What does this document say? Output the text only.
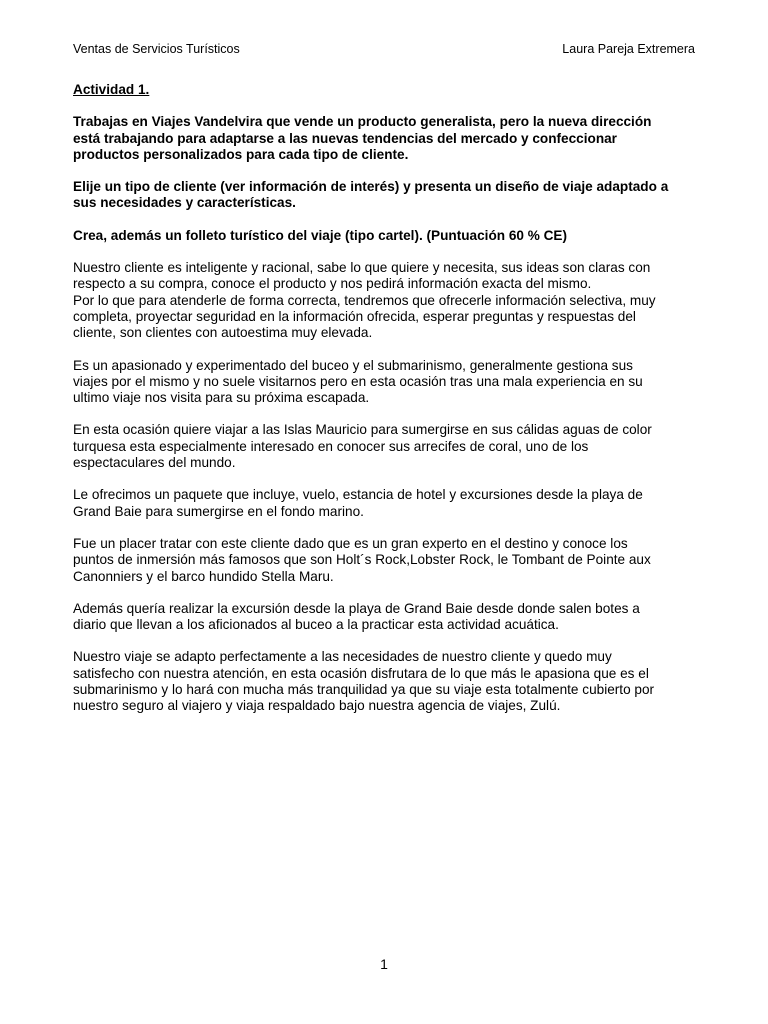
Ventas de Servicios Turísticos	Laura Pareja Extremera

Actividad 1.

Trabajas en Viajes Vandelvira que vende un producto generalista, pero la nueva dirección
está trabajando para adaptarse a las nuevas tendencias del mercado y confeccionar
productos personalizados para cada tipo de cliente.

Elije un tipo de cliente (ver información de interés) y presenta un diseño de viaje adaptado a
sus necesidades y características.

Crea, además un folleto turístico del viaje (tipo cartel). (Puntuación 60 % CE)

Nuestro cliente es inteligente y racional, sabe lo que quiere y necesita, sus ideas son claras con
respecto a su compra, conoce el producto y nos pedirá información exacta del mismo.
Por lo que para atenderle de forma correcta, tendremos que ofrecerle información selectiva, muy
completa, proyectar seguridad en la información ofrecida, esperar preguntas y respuestas del
cliente, son clientes con autoestima muy elevada.

Es un apasionado y experimentado del buceo y el submarinismo, generalmente gestiona sus
viajes por el mismo y no suele visitarnos pero en esta ocasión tras una mala experiencia en su
ultimo viaje nos visita para su próxima escapada.

En esta ocasión quiere viajar a las Islas Mauricio para sumergirse en sus cálidas aguas de color
turquesa esta especialmente interesado en conocer sus arrecifes de coral, uno de los
espectaculares del mundo.

Le ofrecimos un paquete que incluye, vuelo, estancia de hotel y excursiones desde la playa de
Grand Baie para sumergirse en el fondo marino.

Fue un placer tratar con este cliente dado que es un gran experto en el destino y conoce los
puntos de inmersión más famosos que son Holt´s Rock,Lobster Rock, le Tombant de Pointe aux
Canonniers y el barco hundido Stella Maru.

Además quería realizar la excursión desde la playa de Grand Baie desde donde salen botes a
diario que llevan a los aficionados al buceo a la practicar esta actividad acuática.

Nuestro viaje se adapto perfectamente a las necesidades de nuestro cliente y quedo muy
satisfecho con nuestra atención, en esta ocasión disfrutara de lo que más le apasiona que es el
submarinismo y lo hará con mucha más tranquilidad ya que su viaje esta totalmente cubierto por
nuestro seguro al viajero y viaja respaldado bajo nuestra agencia de viajes, Zulú.

1
